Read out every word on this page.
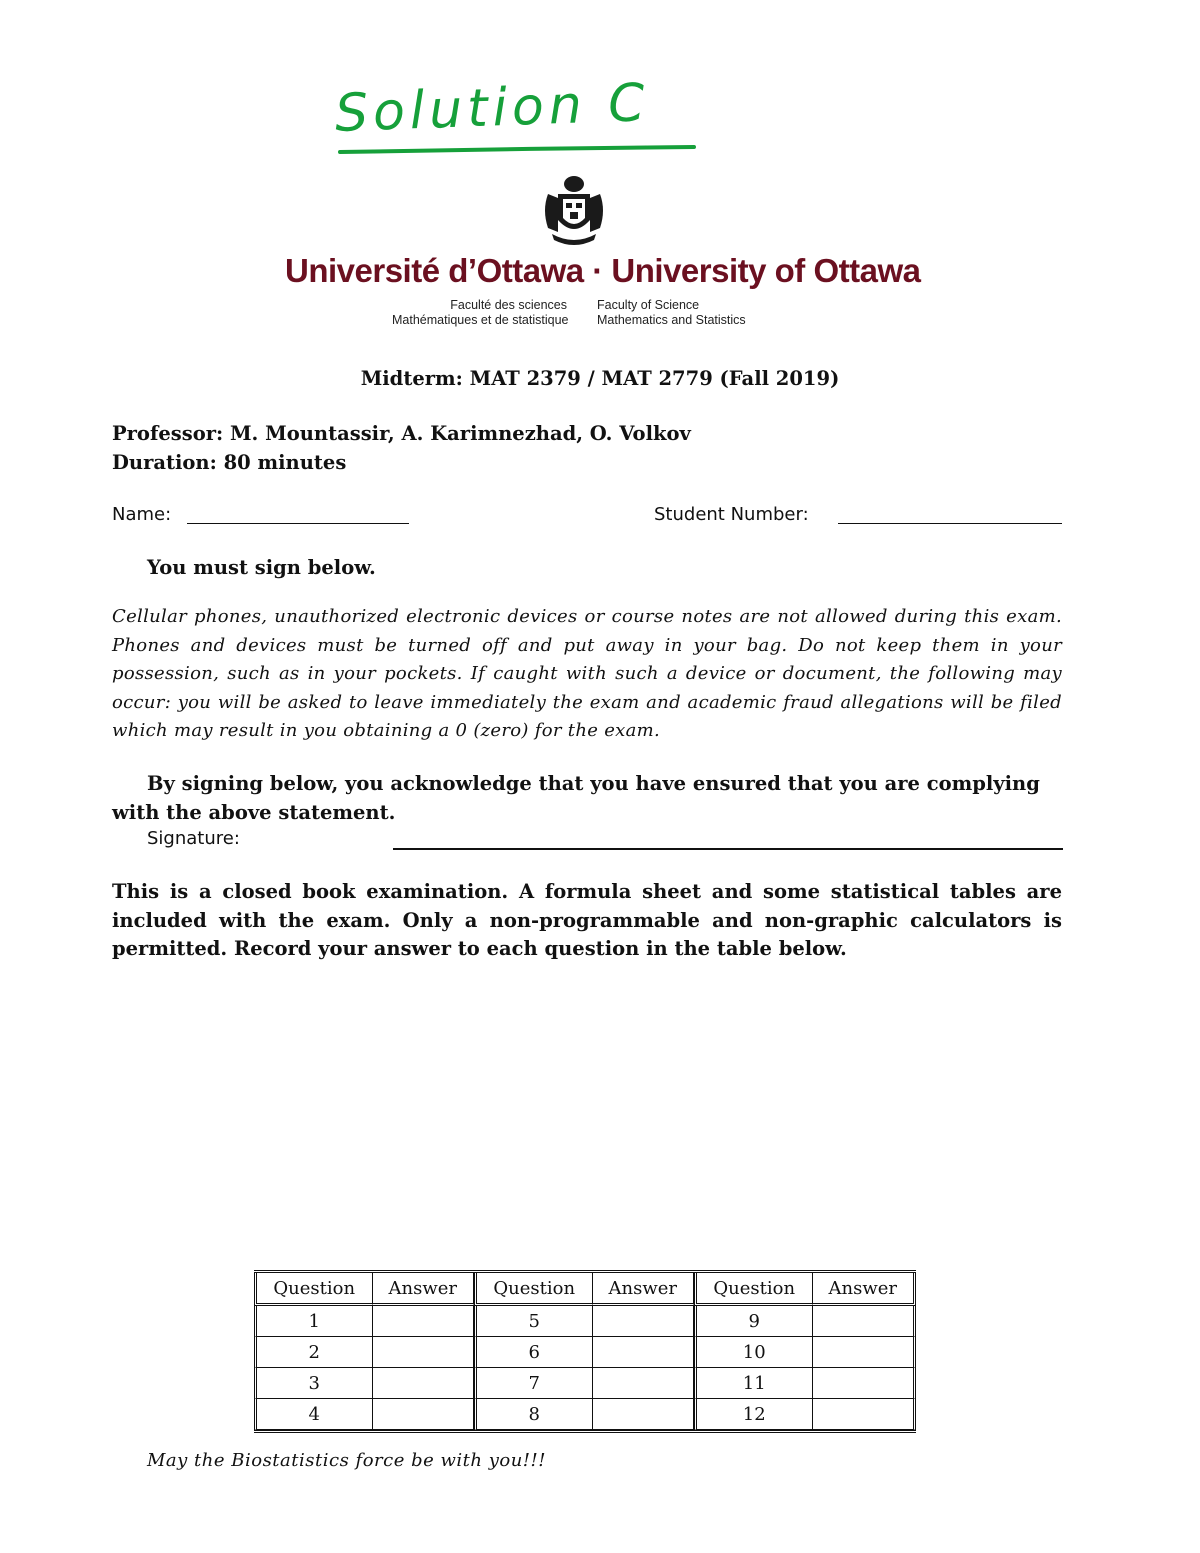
Solution C
Université d’Ottawa · University of Ottawa
Faculté des sciences
Mathématiques et de statistique
Faculty of Science
Mathematics and Statistics
Midterm: MAT 2379 / MAT 2779 (Fall 2019)
Professor: M. Mountassir, A. Karimnezhad, O. Volkov
Duration: 80 minutes
Name:	Student Number:
You must sign below.
Cellular phones, unauthorized electronic devices or course notes are not allowed during this exam. Phones and devices must be turned off and put away in your bag. Do not keep them in your possession, such as in your pockets. If caught with such a device or document, the following may occur: you will be asked to leave immediately the exam and academic fraud allegations will be filed which may result in you obtaining a 0 (zero) for the exam.
By signing below, you acknowledge that you have ensured that you are complying with the above statement.
Signature:
This is a closed book examination. A formula sheet and some statistical tables are included with the exam. Only a non-programmable and non-graphic calculators is permitted. Record your answer to each question in the table below.
Question	Answer	Question	Answer	Question	Answer
1		5		9	
2		6		10	
3		7		11	
4		8		12	
May the Biostatistics force be with you!!!
